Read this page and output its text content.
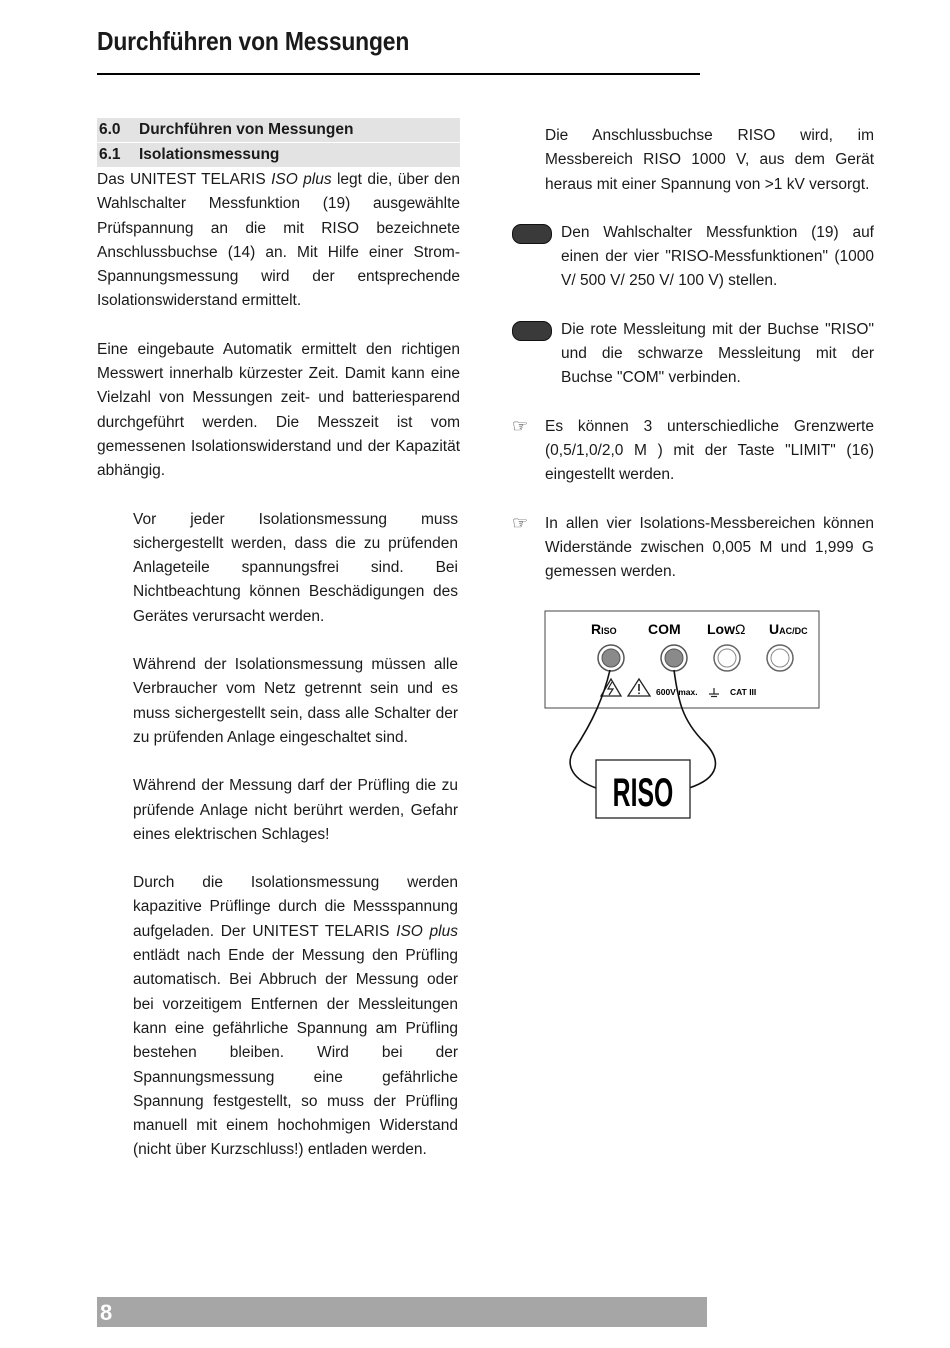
Durchführen von Messungen
6.0 Durchführen von Messungen
6.1 Isolationsmessung

Das UNITEST TELARIS ISO plus legt die, über den Wahlschalter Messfunktion (19) ausgewählte Prüfspannung an die mit RISO bezeichnete Anschlussbuchse (14) an. Mit Hilfe einer Strom-Spannungsmessung wird der entsprechende Isolationswiderstand ermittelt.

Eine eingebaute Automatik ermittelt den richtigen Messwert innerhalb kürzester Zeit. Damit kann eine Vielzahl von Messungen zeit- und batteriesparend durchgeführt werden. Die Messzeit ist vom gemessenen Isolationswiderstand und der Kapazität abhängig.

Vor jeder Isolationsmessung muss sichergestellt werden, dass die zu prüfenden Anlageteile spannungsfrei sind. Bei Nichtbeachtung können Beschädigungen des Gerätes verursacht werden.

Während der Isolationsmessung müssen alle Verbraucher vom Netz getrennt sein und es muss sichergestellt sein, dass alle Schalter der zu prüfenden Anlage eingeschaltet sind.

Während der Messung darf der Prüfling die zu prüfende Anlage nicht berührt werden, Gefahr eines elektrischen Schlages!

Durch die Isolationsmessung werden kapazitive Prüflinge durch die Messspannung aufgeladen. Der UNITEST TELARIS ISO plus entlädt nach Ende der Messung den Prüfling automatisch. Bei Abbruch der Messung oder bei vorzeitigem Entfernen der Messleitungen kann eine gefährliche Spannung am Prüfling bestehen bleiben. Wird bei der Spannungsmessung eine gefährliche Spannung festgestellt, so muss der Prüfling manuell mit einem hochohmigen Widerstand (nicht über Kurzschluss!) entladen werden.

Die Anschlussbuchse RISO wird, im Messbereich RISO 1000 V, aus dem Gerät heraus mit einer Spannung von >1 kV versorgt.

Den Wahlschalter Messfunktion (19) auf einen der vier "RISO-Messfunktionen" (1000 V/ 500 V/ 250 V/ 100 V) stellen.

Die rote Messleitung mit der Buchse "RISO" und die schwarze Messleitung mit der Buchse "COM" verbinden.

☞ Es können 3 unterschiedliche Grenzwerte (0,5/1,0/2,0 M ) mit der Taste "LIMIT" (16) eingestellt werden.

☞ In allen vier Isolations-Messbereichen können Widerstände zwischen 0,005 M und 1,999 G gemessen werden.

RISO COM LowΩ UAC/DC
600V max.	CAT III
RISO
8
